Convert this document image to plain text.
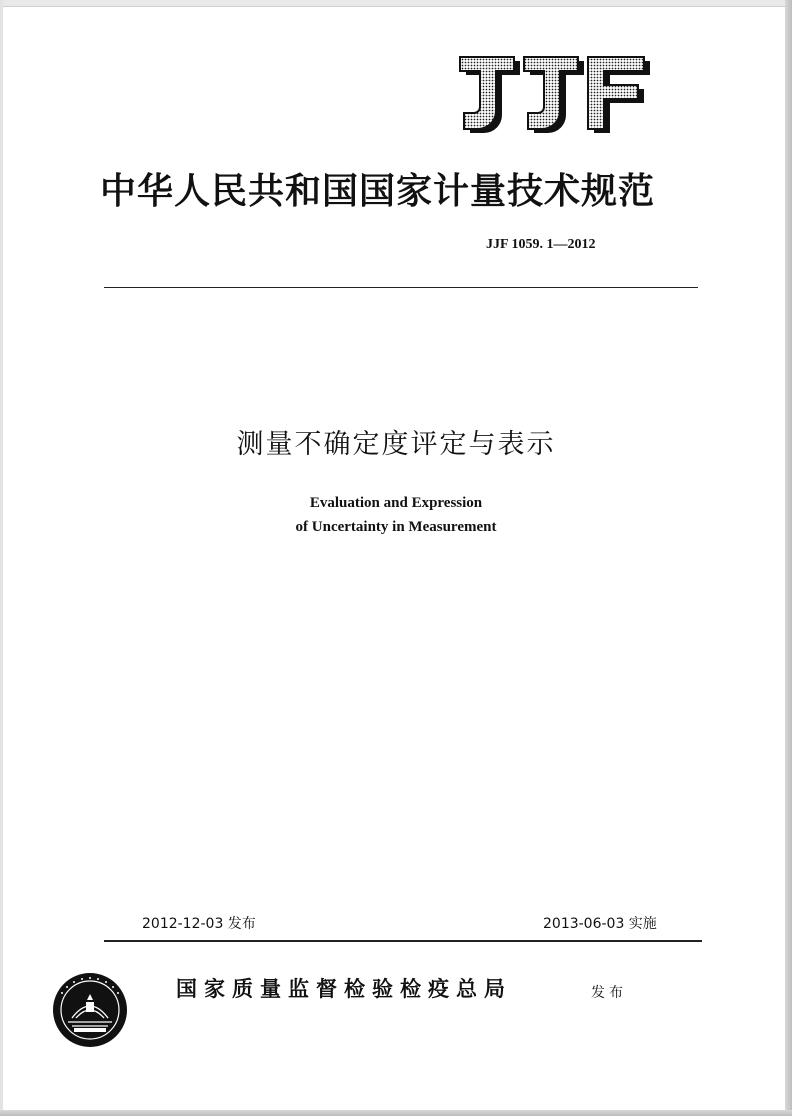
中华人民共和国国家计量技术规范
JJF 1059. 1—2012
测量不确定度评定与表示
Evaluation and Expression
of Uncertainty in Measurement
2012-12-03 发布	2013-06-03 实施
国家质量监督检验检疫总局	发布
